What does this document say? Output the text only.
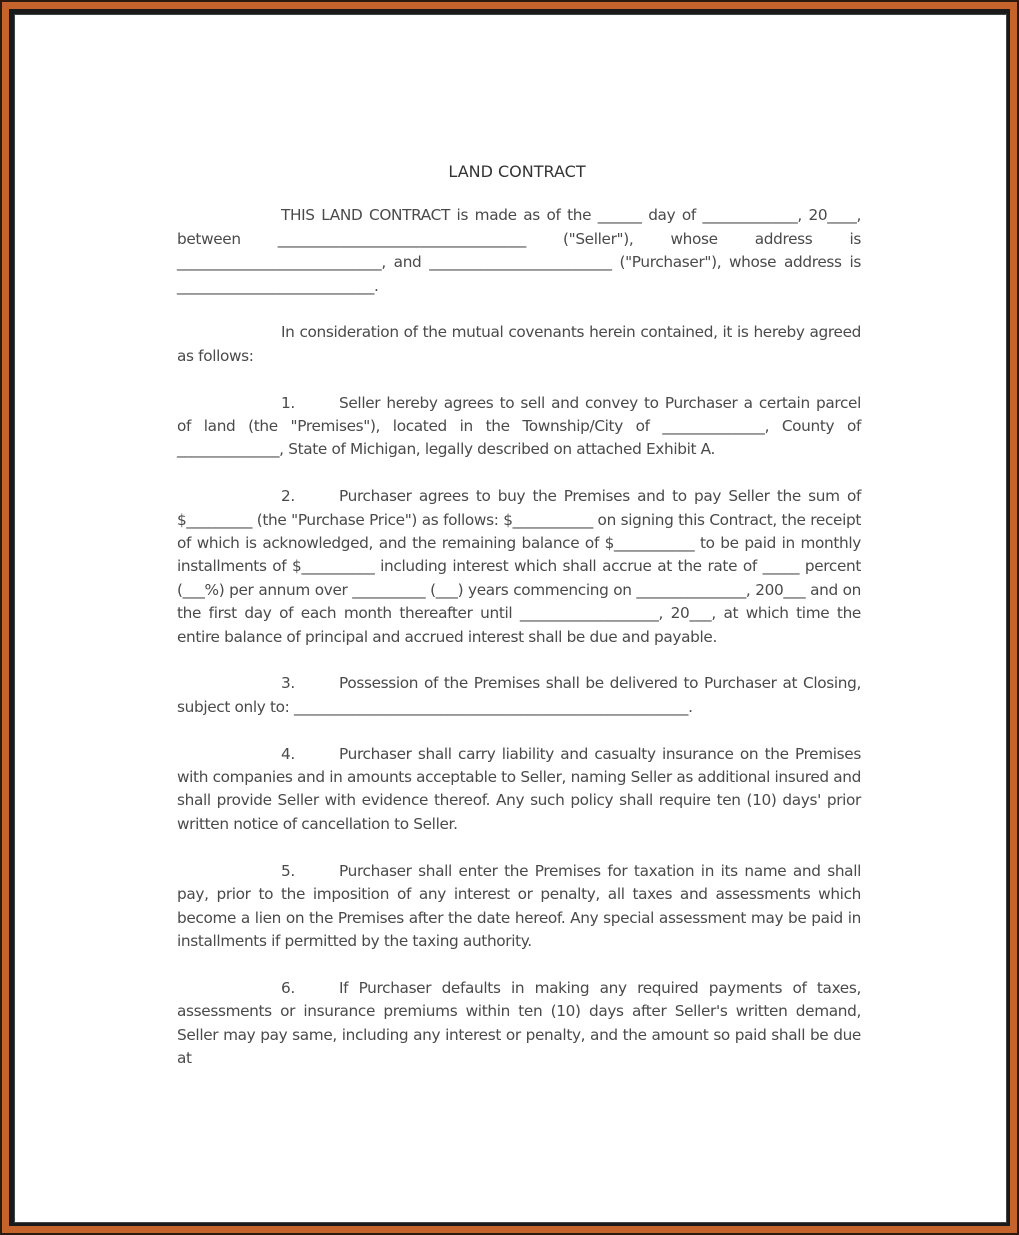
LAND CONTRACT

THIS LAND CONTRACT is made as of the ______ day of _____________, 20____, between __________________________________ ("Seller"), whose address is ____________________________, and _________________________ ("Purchaser"), whose address is ___________________________.

In consideration of the mutual covenants herein contained, it is hereby agreed as follows:

1.	Seller hereby agrees to sell and convey to Purchaser a certain parcel of land (the "Premises"), located in the Township/City of ______________, County of ______________, State of Michigan, legally described on attached Exhibit A.

2.	Purchaser agrees to buy the Premises and to pay Seller the sum of $_________ (the "Purchase Price") as follows: $___________ on signing this Contract, the receipt of which is acknowledged, and the remaining balance of $___________ to be paid in monthly installments of $__________ including interest which shall accrue at the rate of _____ percent (___%) per annum over __________ (___) years commencing on _______________, 200___ and on the first day of each month thereafter until ___________________, 20___, at which time the entire balance of principal and accrued interest shall be due and payable.

3.	Possession of the Premises shall be delivered to Purchaser at Closing, subject only to: ______________________________________________________.

4.	Purchaser shall carry liability and casualty insurance on the Premises with companies and in amounts acceptable to Seller, naming Seller as additional insured and shall provide Seller with evidence thereof. Any such policy shall require ten (10) days' prior written notice of cancellation to Seller.

5.	Purchaser shall enter the Premises for taxation in its name and shall pay, prior to the imposition of any interest or penalty, all taxes and assessments which become a lien on the Premises after the date hereof. Any special assessment may be paid in installments if permitted by the taxing authority.

6.	If Purchaser defaults in making any required payments of taxes, assessments or insurance premiums within ten (10) days after Seller's written demand, Seller may pay same, including any interest or penalty, and the amount so paid shall be due at
